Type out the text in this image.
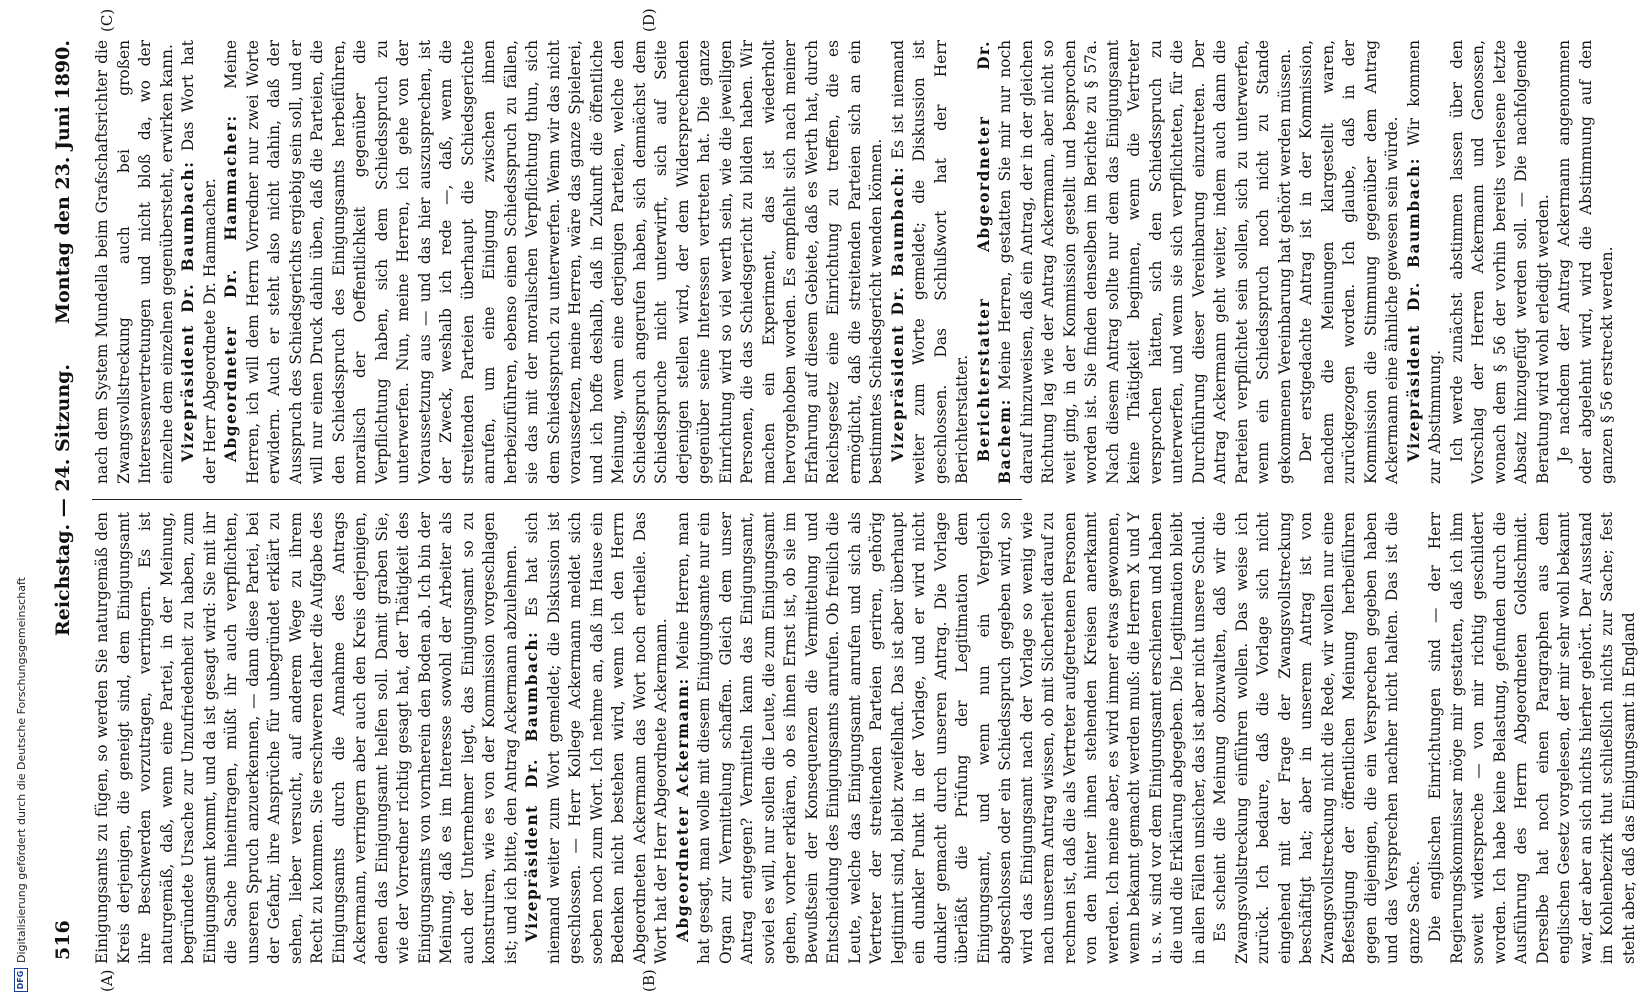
516
Reichstag. — 24. Sitzung.
Montag den 23. Juni 1890.
(A)	(B)
(C)	(D)

Einigungsamts zu fügen, so werden Sie naturgemäß den Kreis derjenigen, die geneigt sind, dem Einigungsamt ihre Beschwerden vorzutragen, verringern. Es ist naturgemäß, daß, wenn eine Partei, in der Meinung, begründete Ursache zur Unzufriedenheit zu haben, zum Einigungsamt kommt, und da ist gesagt wird: Sie mit ihr die Sache hineintragen, müßt ihr auch verpflichten, unseren Spruch anzuerkennen, — dann diese Partei, bei der Gefahr, ihre Ansprüche für unbegründet erklärt zu sehen, lieber versucht, auf anderem Wege zu ihrem Recht zu kommen. Sie erschweren daher die Aufgabe des Einigungsamts durch die Annahme des Antrags Ackermann, verringern aber auch den Kreis derjenigen, denen das Einigungsamt helfen soll. Damit graben Sie, wie der Vorredner richtig gesagt hat, der Thätigkeit des Einigungsamts von vornherein den Boden ab. Ich bin der Meinung, daß es im Interesse sowohl der Arbeiter als auch der Unternehmer liegt, das Einigungsamt so zu konstruiren, wie es von der Kommission vorgeschlagen ist; und ich bitte, den Antrag Ackermann abzulehnen. Vizepräsident Dr. Baumbach: Es hat sich niemand weiter zum Wort gemeldet; die Diskussion ist geschlossen. — Herr Kollege Ackermann meldet sich soeben noch zum Wort. Ich nehme an, daß im Hause ein Bedenken nicht bestehen wird, wenn ich den Herrn Abgeordneten Ackermann das Wort noch ertheile. Das Wort hat der Herr Abgeordnete Ackermann. Abgeordneter Ackermann: Meine Herren, man hat gesagt, man wolle mit diesem Einigungsamte nur ein Organ zur Vermittelung schaffen. Gleich dem unser Antrag entgegen? Vermitteln kann das Einigungsamt, soviel es will, nur sollen die Leute, die zum Einigungsamt gehen, vorher erklären, ob es ihnen Ernst ist, ob sie im Bewußtsein der Konsequenzen die Vermittelung und Entscheidung des Einigungsamts anrufen. Ob freilich die Leute, welche das Einigungsamt anrufen und sich als Vertreter der streitenden Parteien geriren, gehörig legitimirt sind, bleibt zweifelhaft. Das ist aber überhaupt ein dunkler Punkt in der Vorlage, und er wird nicht dunkler gemacht durch unseren Antrag. Die Vorlage überläßt die Prüfung der Legitimation dem Einigungsamt, und wenn nun ein Vergleich abgeschlossen oder ein Schiedsspruch gegeben wird, so wird das Einigungsamt nach der Vorlage so wenig wie nach unserem Antrag wissen, ob mit Sicherheit darauf zu rechnen ist, daß die als Vertreter aufgetretenen Personen von den hinter ihnen stehenden Kreisen anerkannt werden. Ich meine aber, es wird immer etwas gewonnen, wenn bekannt gemacht werden muß: die Herren X und Y u. s. w. sind vor dem Einigungsamt erschienen und haben die und die Erklärung abgegeben. Die Legitimation bleibt in allen Fällen unsicher, das ist aber nicht unsere Schuld. Es scheint die Meinung obzuwalten, daß wir die Zwangsvollstreckung einführen wollen. Das weise ich zurück. Ich bedaure, daß die Vorlage sich nicht eingehend mit der Frage der Zwangsvollstreckung beschäftigt hat; aber in unserem Antrag ist von Zwangsvollstreckung nicht die Rede, wir wollen nur eine Befestigung der öffentlichen Meinung herbeiführen gegen diejenigen, die ein Versprechen gegeben haben und das Versprechen nachher nicht halten. Das ist die ganze Sache. Die englischen Einrichtungen sind — der Herr Regierungskommissar möge mir gestatten, daß ich ihm soweit widerspreche — von mir richtig geschildert worden. Ich habe keine Belastung, gefunden durch die Ausführung des Herrn Abgeordneten Goldschmidt. Derselbe hat noch einen Paragraphen aus dem englischen Gesetz vorgelesen, der mir sehr wohl bekannt war, der aber an sich nichts hierher gehört. Der Ausstand im Kohlenbezirk thut schließlich nichts zur Sache; fest steht aber, daß das Einigungsamt in England

nach dem System Mundella beim Grafschaftsrichter die Zwangsvollstreckung auch bei großen Interessenvertretungen und nicht bloß da, wo der einzelne dem einzelnen gegenübersteht, erwirken kann. Vizepräsident Dr. Baumbach: Das Wort hat der Herr Abgeordnete Dr. Hammacher. Abgeordneter Dr. Hammacher: Meine Herren, ich will dem Herrn Vorredner nur zwei Worte erwidern. Auch er steht also nicht dahin, daß der Ausspruch des Schiedsgerichts ergiebig sein soll, und er will nur einen Druck dahin üben, daß die Parteien, die den Schiedsspruch des Einigungsamts herbeiführen, moralisch der Oeffentlichkeit gegenüber die Verpflichtung haben, sich dem Schiedsspruch zu unterwerfen. Nun, meine Herren, ich gehe von der Voraussetzung aus — und das hier auszusprechen, ist der Zweck, weshalb ich rede —, daß, wenn die streitenden Parteien überhaupt die Schiedsgerichte anrufen, um eine Einigung zwischen ihnen herbeizuführen, ebenso einen Schiedsspruch zu fällen, sie das mit der moralischen Verpflichtung thun, sich dem Schiedsspruch zu unterwerfen. Wenn wir das nicht voraussetzen, meine Herren, wäre das ganze Spielerei, und ich hoffe deshalb, daß in Zukunft die öffentliche Meinung, wenn eine derjenigen Parteien, welche den Schiedsspruch angerufen haben, sich demnächst dem Schiedsspruche nicht unterwirft, sich auf Seite derjenigen stellen wird, der dem Widersprechenden gegenüber seine Interessen vertreten hat. Die ganze Einrichtung wird so viel werth sein, wie die jeweiligen Personen, die das Schiedsgericht zu bilden haben. Wir machen ein Experiment, das ist wiederholt hervorgehoben worden. Es empfiehlt sich nach meiner Erfahrung auf diesem Gebiete, daß es Werth hat, durch Reichsgesetz eine Einrichtung zu treffen, die es ermöglicht, daß die streitenden Parteien sich an ein bestimmtes Schiedsgericht wenden können. Vizepräsident Dr. Baumbach: Es ist niemand weiter zum Worte gemeldet; die Diskussion ist geschlossen. Das Schlußwort hat der Herr Berichterstatter. Berichterstatter Abgeordneter Dr. Bachem: Meine Herren, gestatten Sie mir nur noch darauf hinzuweisen, daß ein Antrag, der in der gleichen Richtung lag wie der Antrag Ackermann, aber nicht so weit ging, in der Kommission gestellt und besprochen worden ist. Sie finden denselben im Berichte zu § 57a. Nach diesem Antrag sollte nur dem das Einigungsamt keine Thätigkeit beginnen, wenn die Vertreter versprochen hätten, sich den Schiedsspruch zu unterwerfen, und wenn sie sich verpflichteten, für die Durchführung dieser Vereinbarung einzutreten. Der Antrag Ackermann geht weiter, indem auch dann die Parteien verpflichtet sein sollen, sich zu unterwerfen, wenn ein Schiedsspruch noch nicht zu Stande gekommenen Vereinbarung hat gehört werden müssen. Der erstgedachte Antrag ist in der Kommission, nachdem die Meinungen klargestellt waren, zurückgezogen worden. Ich glaube, daß in der Kommission die Stimmung gegenüber dem Antrag Ackermann eine ähnliche gewesen sein würde. Vizepräsident Dr. Baumbach: Wir kommen zur Abstimmung. Ich werde zunächst abstimmen lassen über den Vorschlag der Herren Ackermann und Genossen, wonach dem § 56 der vorhin bereits verlesene letzte Absatz hinzugefügt werden soll. — Die nachfolgende Beratung wird wohl erledigt werden. Je nachdem der Antrag Ackermann angenommen oder abgelehnt wird, wird die Abstimmung auf den ganzen § 56 erstreckt werden.

DFG
Digitalisierung gefördert durch die Deutsche Forschungsgemeinschaft
